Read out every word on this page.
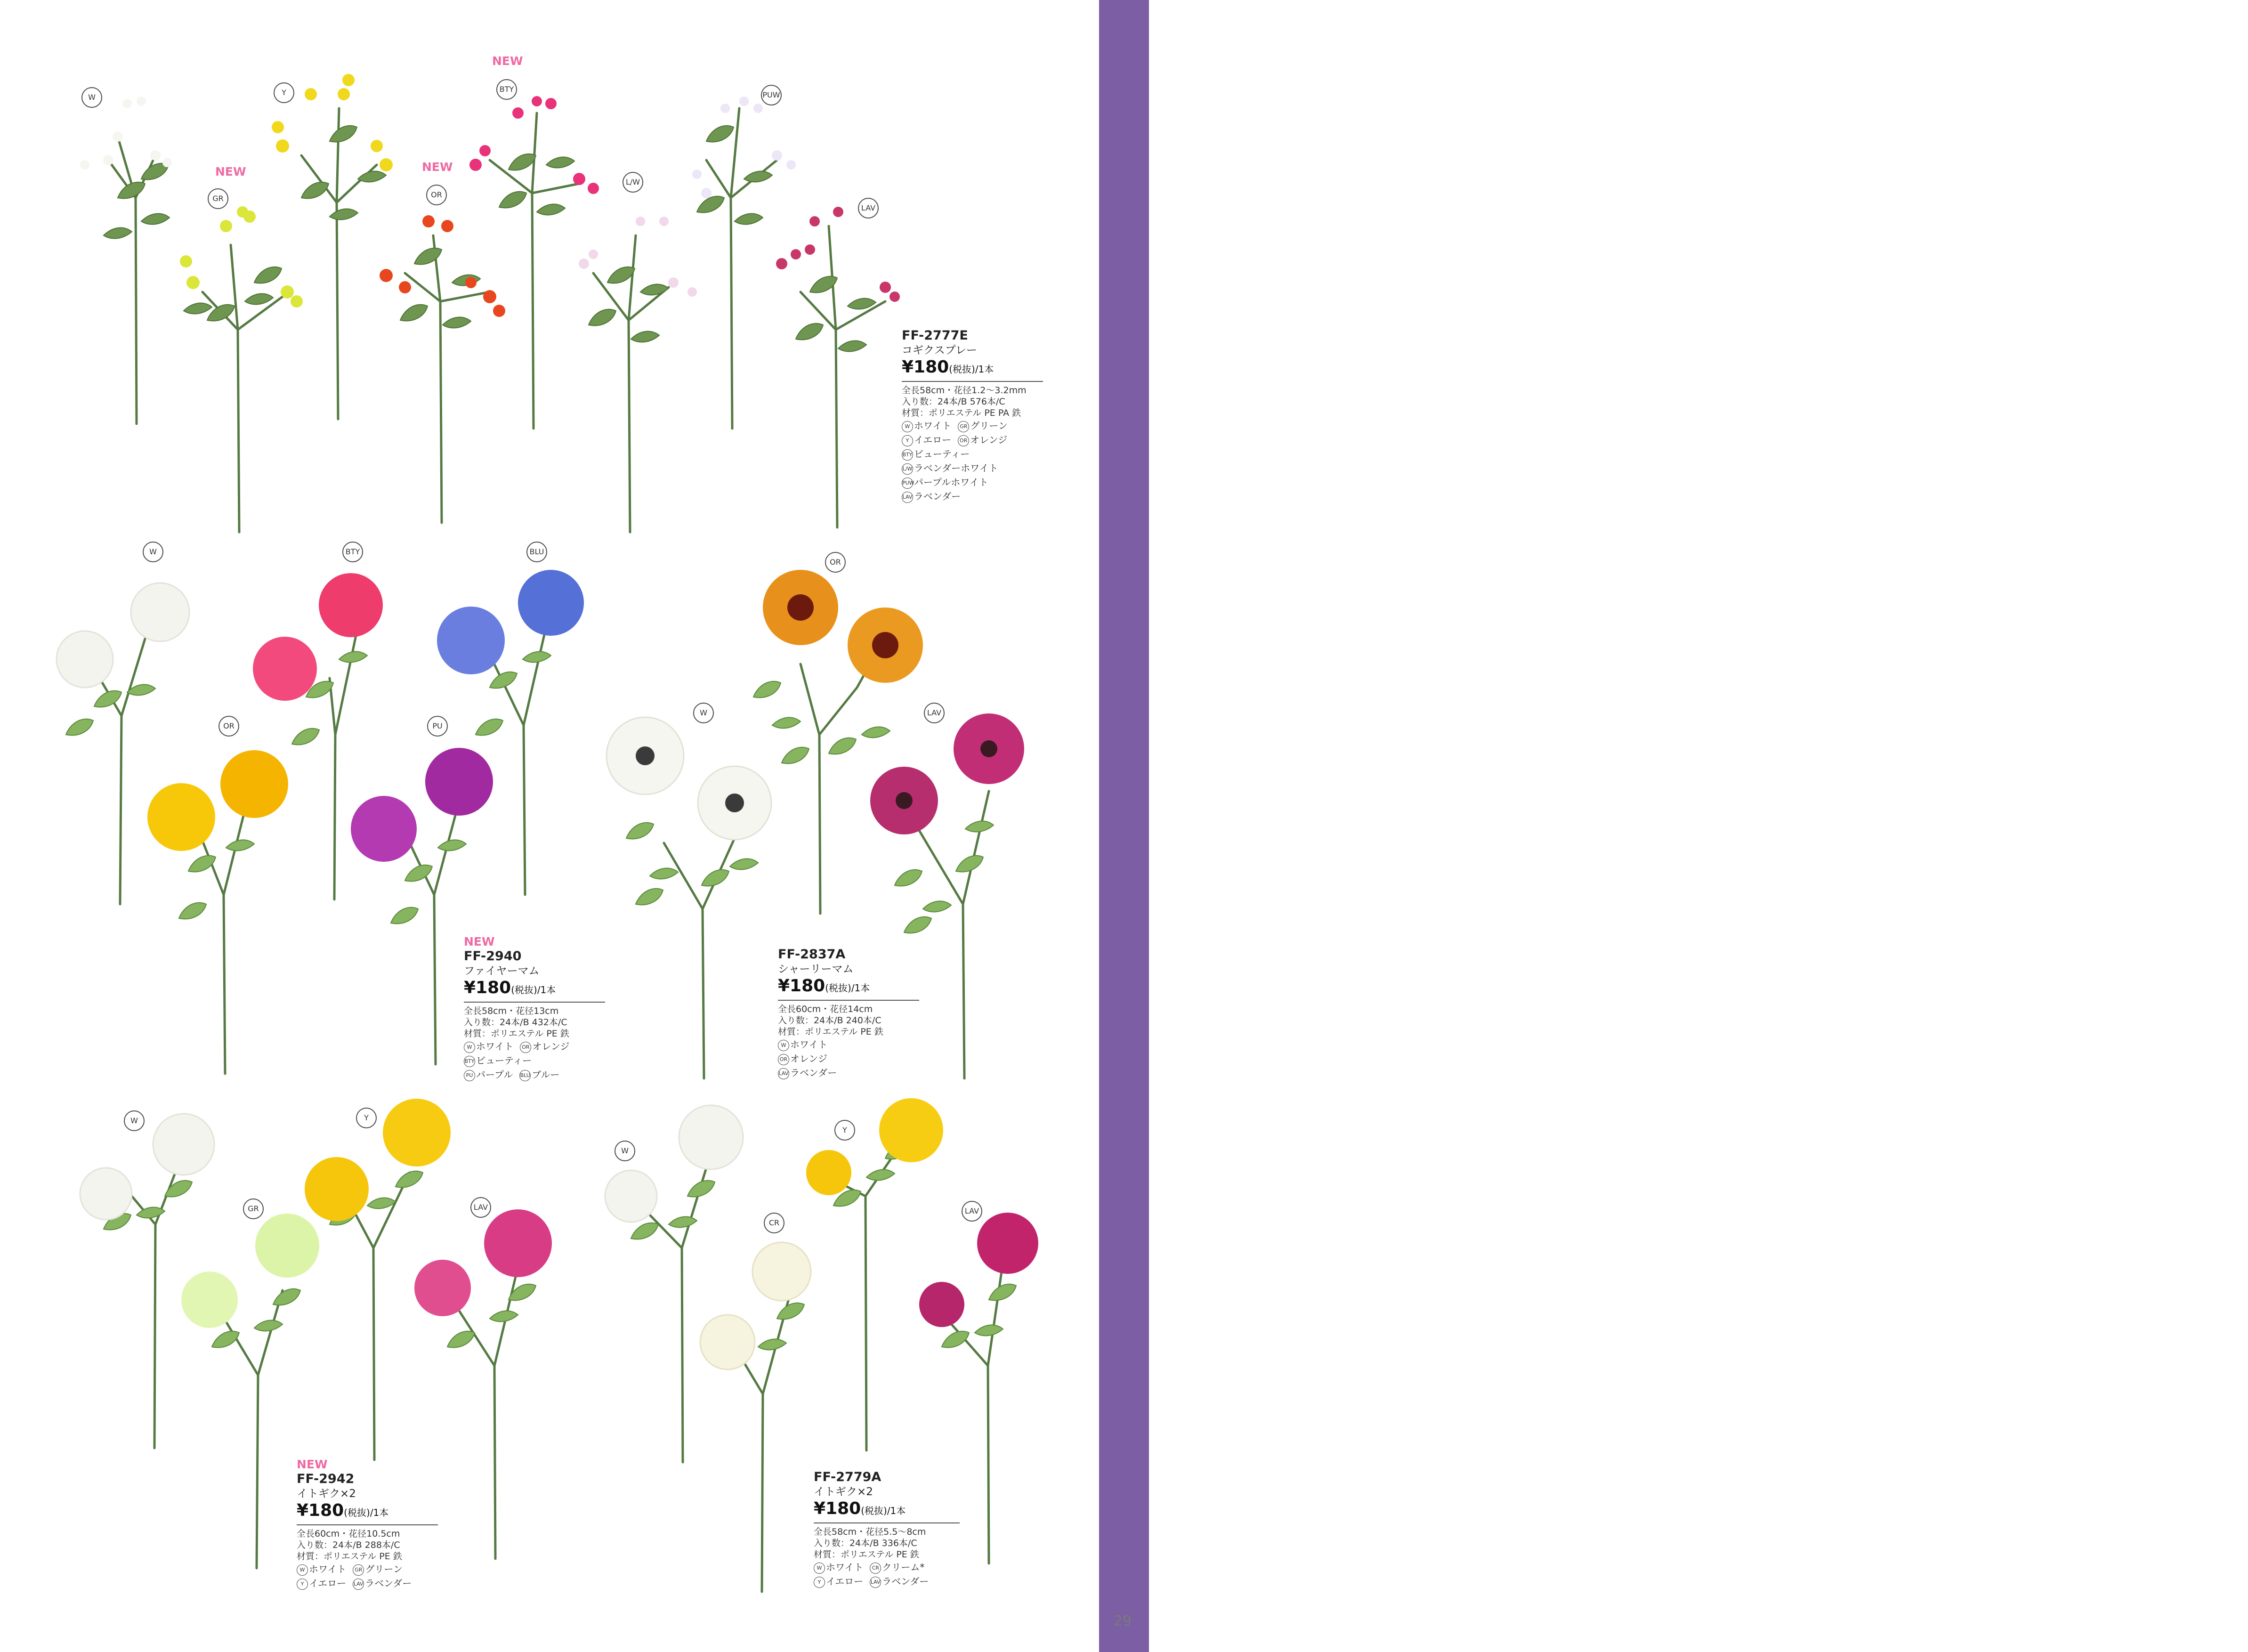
Funeral Flower
キク
29
NEW	NEW
NEW
W
GR
Y
OR
BTY
L/W
PUW
LAV
W	BTY	BLU
OR	PU
OR
W	LAV
W
GR
Y
LAV
W
CR
Y
LAV
FF-2777E
コギクスプレー
¥180(税抜)/1本
全長58cm・花径1.2～3.2mm
入り数：24本/B 576本/C
材質：ポリエステル PE PA 鉄
W ホワイト GR グリーン
Y イエロー OR オレンジ
BTY ビューティー
L/W ラベンダーホワイト
PUWパープルホワイト
LAV ラベンダー
NEW
FF-2940
ファイヤーマム
¥180(税抜)/1本
全長58cm・花径13cm
入り数：24本/B 432本/C
材質：ポリエステル PE 鉄
W ホワイト OR オレンジ
BTY ビューティー
PU パープル BLU ブルー
FF-2837A
シャーリーマム
¥180(税抜)/1本
全長60cm・花径14cm
入り数：24本/B 240本/C
材質：ポリエステル PE 鉄
W ホワイト
OR オレンジ
LAV ラベンダー
NEW
FF-2942
イトギク×2
¥180(税抜)/1本
全長60cm・花径10.5cm
入り数：24本/B 288本/C
材質：ポリエステル PE 鉄
W ホワイト GR グリーン
Y イエロー LAV ラベンダー
FF-2779A
イトギク×2
¥180(税抜)/1本
全長58cm・花径5.5～8cm
入り数：24本/B 336本/C
材質：ポリエステル PE 鉄
W ホワイト CR クリーム*
Y イエロー LAV ラベンダー
